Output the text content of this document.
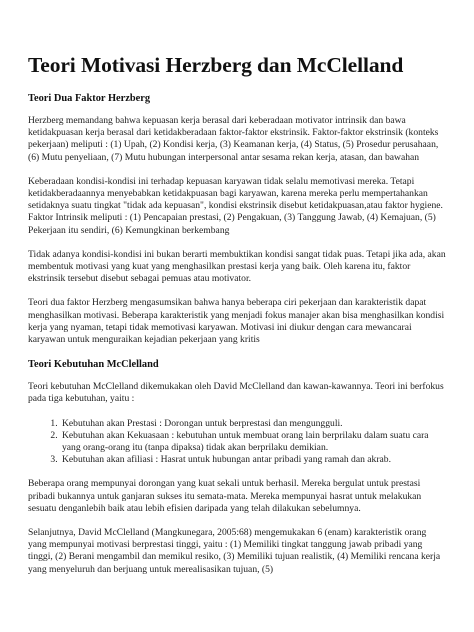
Teori Motivasi Herzberg dan McClelland
Teori Dua Faktor Herzberg

Herzberg memandang bahwa kepuasan kerja berasal dari keberadaan motivator intrinsik dan bawa ketidakpuasan kerja berasal dari ketidakberadaan faktor-faktor ekstrinsik. Faktor-faktor ekstrinsik (konteks pekerjaan) meliputi : (1) Upah, (2) Kondisi kerja, (3) Keamanan kerja, (4) Status, (5) Prosedur perusahaan, (6) Mutu penyeliaan, (7) Mutu hubungan interpersonal antar sesama rekan kerja, atasan, dan bawahan

Keberadaan kondisi-kondisi ini terhadap kepuasan karyawan tidak selalu memotivasi mereka. Tetapi ketidakberadaannya menyebabkan ketidakpuasan bagi karyawan, karena mereka perlu mempertahankan setidaknya suatu tingkat "tidak ada kepuasan", kondisi ekstrinsik disebut ketidakpuasan,atau faktor hygiene. Faktor Intrinsik meliputi : (1) Pencapaian prestasi, (2) Pengakuan, (3) Tanggung Jawab, (4) Kemajuan, (5) Pekerjaan itu sendiri, (6) Kemungkinan berkembang

Tidak adanya kondisi-kondisi ini bukan berarti membuktikan kondisi sangat tidak puas. Tetapi jika ada, akan membentuk motivasi yang kuat yang menghasilkan prestasi kerja yang baik. Oleh karena itu, faktor ekstrinsik tersebut disebut sebagai pemuas atau motivator.

Teori dua faktor Herzberg mengasumsikan bahwa hanya beberapa ciri pekerjaan dan karakteristik dapat menghasilkan motivasi. Beberapa karakteristik yang menjadi fokus manajer akan bisa menghasilkan kondisi kerja yang nyaman, tetapi tidak memotivasi karyawan. Motivasi ini diukur dengan cara mewancarai karyawan untuk menguraikan kejadian pekerjaan yang kritis

Teori Kebutuhan McClelland

Teori kebutuhan McClelland dikemukakan oleh David McClelland dan kawan-kawannya. Teori ini berfokus pada tiga kebutuhan, yaitu :

1. Kebutuhan akan Prestasi : Dorongan untuk berprestasi dan mengungguli.
2. Kebutuhan akan Kekuasaan : kebutuhan untuk membuat orang lain berprilaku dalam suatu cara yang orang-orang itu (tanpa dipaksa) tidak akan berprilaku demikian.
3. Kebutuhan akan afiliasi : Hasrat untuk hubungan antar pribadi yang ramah dan akrab.

Beberapa orang mempunyai dorongan yang kuat sekali untuk berhasil. Mereka bergulat untuk prestasi pribadi bukannya untuk ganjaran sukses itu semata-mata. Mereka mempunyai hasrat untuk melakukan sesuatu denganlebih baik atau lebih efisien daripada yang telah dilakukan sebelumnya.

Selanjutnya, David McClelland (Mangkunegara, 2005:68) mengemukakan 6 (enam) karakteristik orang yang mempunyai motivasi berprestasi tinggi, yaitu : (1) Memiliki tingkat tanggung jawab pribadi yang tinggi, (2) Berani mengambil dan memikul resiko, (3) Memiliki tujuan realistik, (4) Memiliki rencana kerja yang menyeluruh dan berjuang untuk merealisasikan tujuan, (5)
